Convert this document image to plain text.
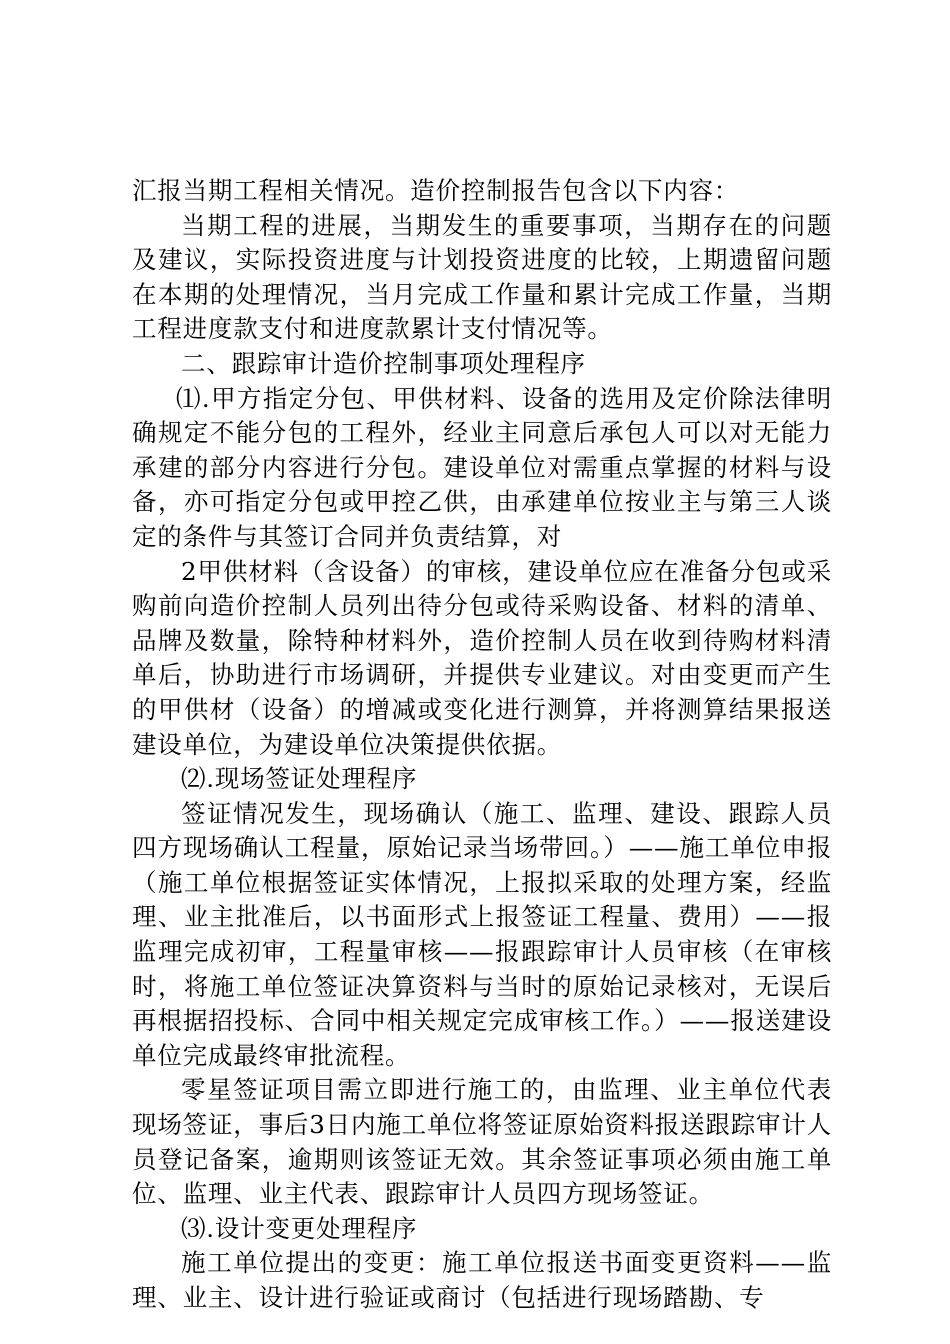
汇报当期工程相关情况。造价控制报告包含以下内容：

当期工程的进展，当期发生的重要事项，当期存在的问题及建议，实际投资进度与计划投资进度的比较，上期遗留问题在本期的处理情况，当月完成工作量和累计完成工作量，当期工程进度款支付和进度款累计支付情况等。

二、跟踪审计造价控制事项处理程序

⑴.甲方指定分包、甲供材料、设备的选用及定价除法律明确规定不能分包的工程外，经业主同意后承包人可以对无能力承建的部分内容进行分包。建设单位对需重点掌握的材料与设备，亦可指定分包或甲控乙供，由承建单位按业主与第三人谈定的条件与其签订合同并负责结算，对

2甲供材料（含设备）的审核，建设单位应在准备分包或采购前向造价控制人员列出待分包或待采购设备、材料的清单、品牌及数量，除特种材料外，造价控制人员在收到待购材料清单后，协助进行市场调研，并提供专业建议。对由变更而产生的甲供材（设备）的增减或变化进行测算，并将测算结果报送建设单位，为建设单位决策提供依据。

⑵.现场签证处理程序

签证情况发生，现场确认（施工、监理、建设、跟踪人员四方现场确认工程量，原始记录当场带回。）——施工单位申报（施工单位根据签证实体情况，上报拟采取的处理方案，经监理、业主批准后，以书面形式上报签证工程量、费用）——报监理完成初审，工程量审核——报跟踪审计人员审核（在审核时，将施工单位签证决算资料与当时的原始记录核对，无误后再根据招投标、合同中相关规定完成审核工作。）——报送建设单位完成最终审批流程。

零星签证项目需立即进行施工的，由监理、业主单位代表现场签证，事后3日内施工单位将签证原始资料报送跟踪审计人员登记备案，逾期则该签证无效。其余签证事项必须由施工单位、监理、业主代表、跟踪审计人员四方现场签证。

⑶.设计变更处理程序

施工单位提出的变更：施工单位报送书面变更资料——监理、业主、设计进行验证或商讨（包括进行现场踏勘、专
